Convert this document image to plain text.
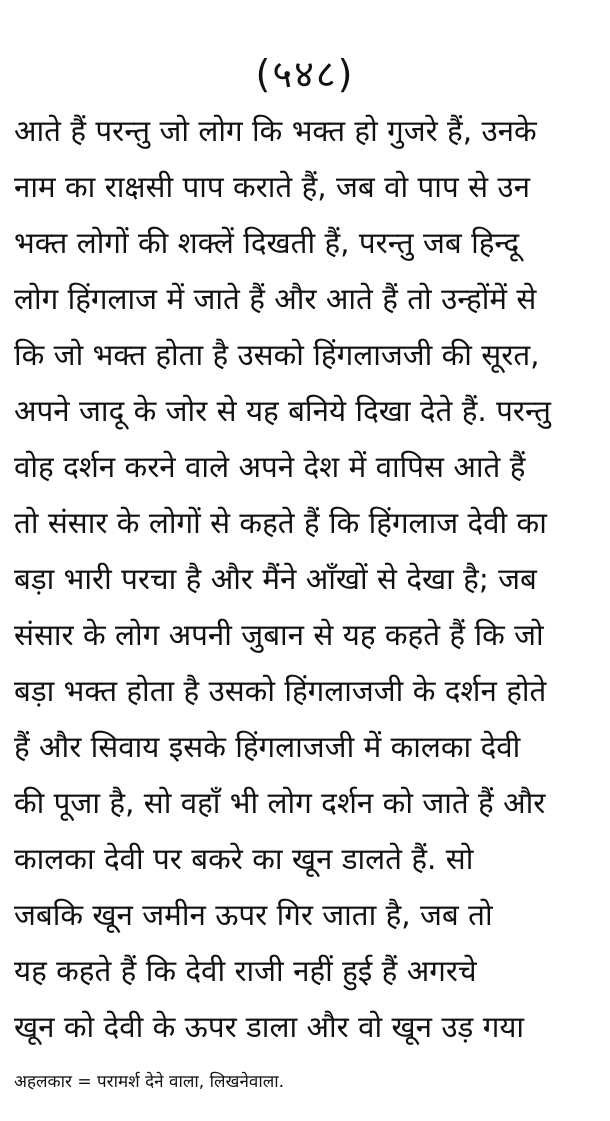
(५४८)
आते हैं परन्तु जो लोग कि भक्त हो गुजरे हैं, उनके
नाम का राक्षसी पाप कराते हैं, जब वो पाप से उन
भक्त लोगों की शक्लें दिखती हैं, परन्तु जब हिन्दू
लोग हिंगलाज में जाते हैं और आते हैं तो उन्होंमें से
कि जो भक्त होता है उसको हिंगलाजजी की सूरत,
अपने जादू के जोर से यह बनिये दिखा देते हैं. परन्तु
वोह दर्शन करने वाले अपने देश में वापिस आते हैं
तो संसार के लोगों से कहते हैं कि हिंगलाज देवी का
बड़ा भारी परचा है और मैंने आँखों से देखा है; जब
संसार के लोग अपनी जुबान से यह कहते हैं कि जो
बड़ा भक्त होता है उसको हिंगलाजजी के दर्शन होते
हैं और सिवाय इसके हिंगलाजजी में कालका देवी
की पूजा है, सो वहाँ भी लोग दर्शन को जाते हैं और
कालका देवी पर बकरे का खून डालते हैं. सो
जबकि खून जमीन ऊपर गिर जाता है, जब तो
यह कहते हैं कि देवी राजी नहीं हुई हैं अगरचे
खून को देवी के ऊपर डाला और वो खून उड़ गया
अहलकार = परामर्श देने वाला, लिखनेवाला.
